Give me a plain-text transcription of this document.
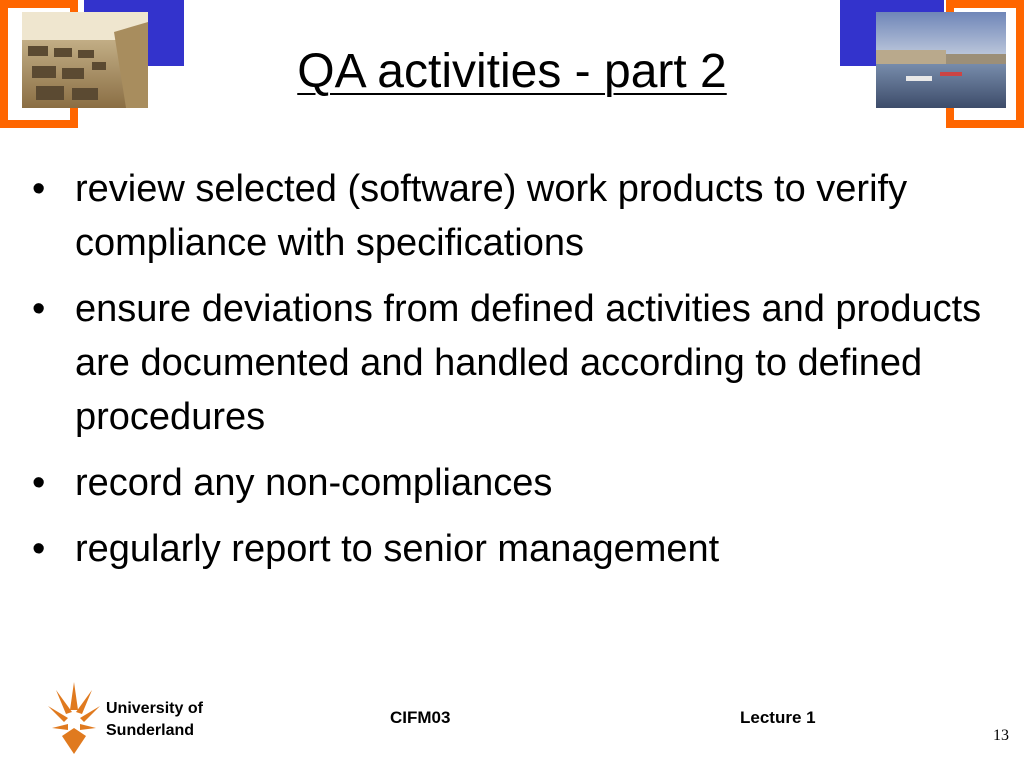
QA activities - part 2
• review selected (software) work products to verify compliance with specifications
• ensure deviations from defined activities and products are documented and handled according to defined procedures
• record any non-compliances
• regularly report to senior management
University of
Sunderland
CIFM03	Lecture 1
13
